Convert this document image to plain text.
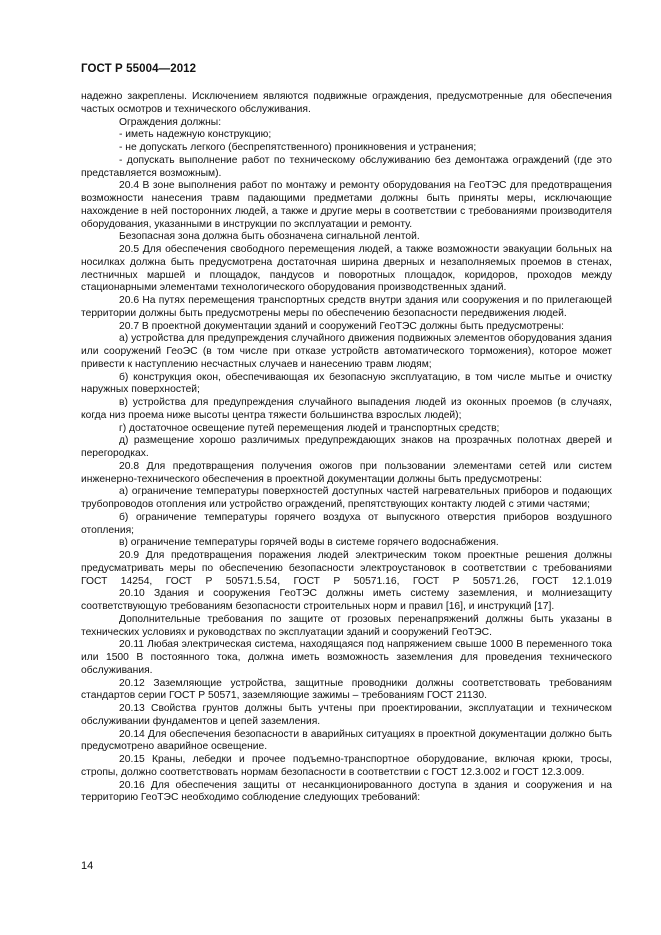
ГОСТ Р 55004—2012

надежно закреплены. Исключением являются подвижные ограждения, предусмотренные для обеспечения частых осмотров и технического обслуживания.

Ограждения должны:

- иметь надежную конструкцию;

- не допускать легкого (беспрепятственного) проникновения и устранения;

- допускать выполнение работ по техническому обслуживанию без демонтажа ограждений (где это представляется возможным).

20.4 В зоне выполнения работ по монтажу и ремонту оборудования на ГеоТЭС для предотвращения возможности нанесения травм падающими предметами должны быть приняты меры, исключающие нахождение в ней посторонних людей, а также и другие меры в соответствии с требованиями производителя оборудования, указанными в инструкции по эксплуатации и ремонту.

Безопасная зона должна быть обозначена сигнальной лентой.

20.5 Для обеспечения свободного перемещения людей, а также возможности эвакуации больных на носилках должна быть предусмотрена достаточная ширина дверных и незаполняемых проемов в стенах, лестничных маршей и площадок, пандусов и поворотных площадок, коридоров, проходов между стационарными элементами технологического оборудования производственных зданий.

20.6 На путях перемещения транспортных средств внутри здания или сооружения и по прилегающей территории должны быть предусмотрены меры по обеспечению безопасности передвижения людей.

20.7 В проектной документации зданий и сооружений ГеоТЭС должны быть предусмотрены:

а) устройства для предупреждения случайного движения подвижных элементов оборудования здания или сооружений ГеоЭС (в том числе при отказе устройств автоматического торможения), которое может привести к наступлению несчастных случаев и нанесению травм людям;

б) конструкция окон, обеспечивающая их безопасную эксплуатацию, в том числе мытье и очистку наружных поверхностей;

в) устройства для предупреждения случайного выпадения людей из оконных проемов (в случаях, когда низ проема ниже высоты центра тяжести большинства взрослых людей);

г) достаточное освещение путей перемещения людей и транспортных средств;

д) размещение хорошо различимых предупреждающих знаков на прозрачных полотнах дверей и перегородках.

20.8 Для предотвращения получения ожогов при пользовании элементами сетей или систем инженерно-технического обеспечения в проектной документации должны быть предусмотрены:

а) ограничение температуры поверхностей доступных частей нагревательных приборов и подающих трубопроводов отопления или устройство ограждений, препятствующих контакту людей с этими частями;

б) ограничение температуры горячего воздуха от выпускного отверстия приборов воздушного отопления;

в) ограничение температуры горячей воды в системе горячего водоснабжения.

20.9 Для предотвращения поражения людей электрическим током проектные решения должны предусматривать меры по обеспечению безопасности электроустановок в соответствии с требованиями ГОСТ 14254, ГОСТ Р 50571.5.54, ГОСТ Р 50571.16, ГОСТ Р 50571.26, ГОСТ 12.1.019

20.10 Здания и сооружения ГеоТЭС должны иметь систему заземления, и молниезащиту соответствующую требованиям безопасности строительных норм и правил [16], и инструкций [17].

Дополнительные требования по защите от грозовых перенапряжений должны быть указаны в технических условиях и руководствах по эксплуатации зданий и сооружений ГеоТЭС.

20.11 Любая электрическая система, находящаяся под напряжением свыше 1000 В переменного тока или 1500 В постоянного тока, должна иметь возможность заземления для проведения технического обслуживания.

20.12 Заземляющие устройства, защитные проводники должны соответствовать требованиям стандартов серии ГОСТ Р 50571, заземляющие зажимы – требованиям ГОСТ 21130.

20.13 Свойства грунтов должны быть учтены при проектировании, эксплуатации и техническом обслуживании фундаментов и цепей заземления.

20.14 Для обеспечения безопасности в аварийных ситуациях в проектной документации должно быть предусмотрено аварийное освещение.

20.15 Краны, лебедки и прочее подъемно-транспортное оборудование, включая крюки, тросы, стропы, должно соответствовать нормам безопасности в соответствии с ГОСТ 12.3.002 и ГОСТ 12.3.009.

20.16 Для обеспечения защиты от несанкционированного доступа в здания и сооружения и на территорию ГеоТЭС необходимо соблюдение следующих требований:

14
